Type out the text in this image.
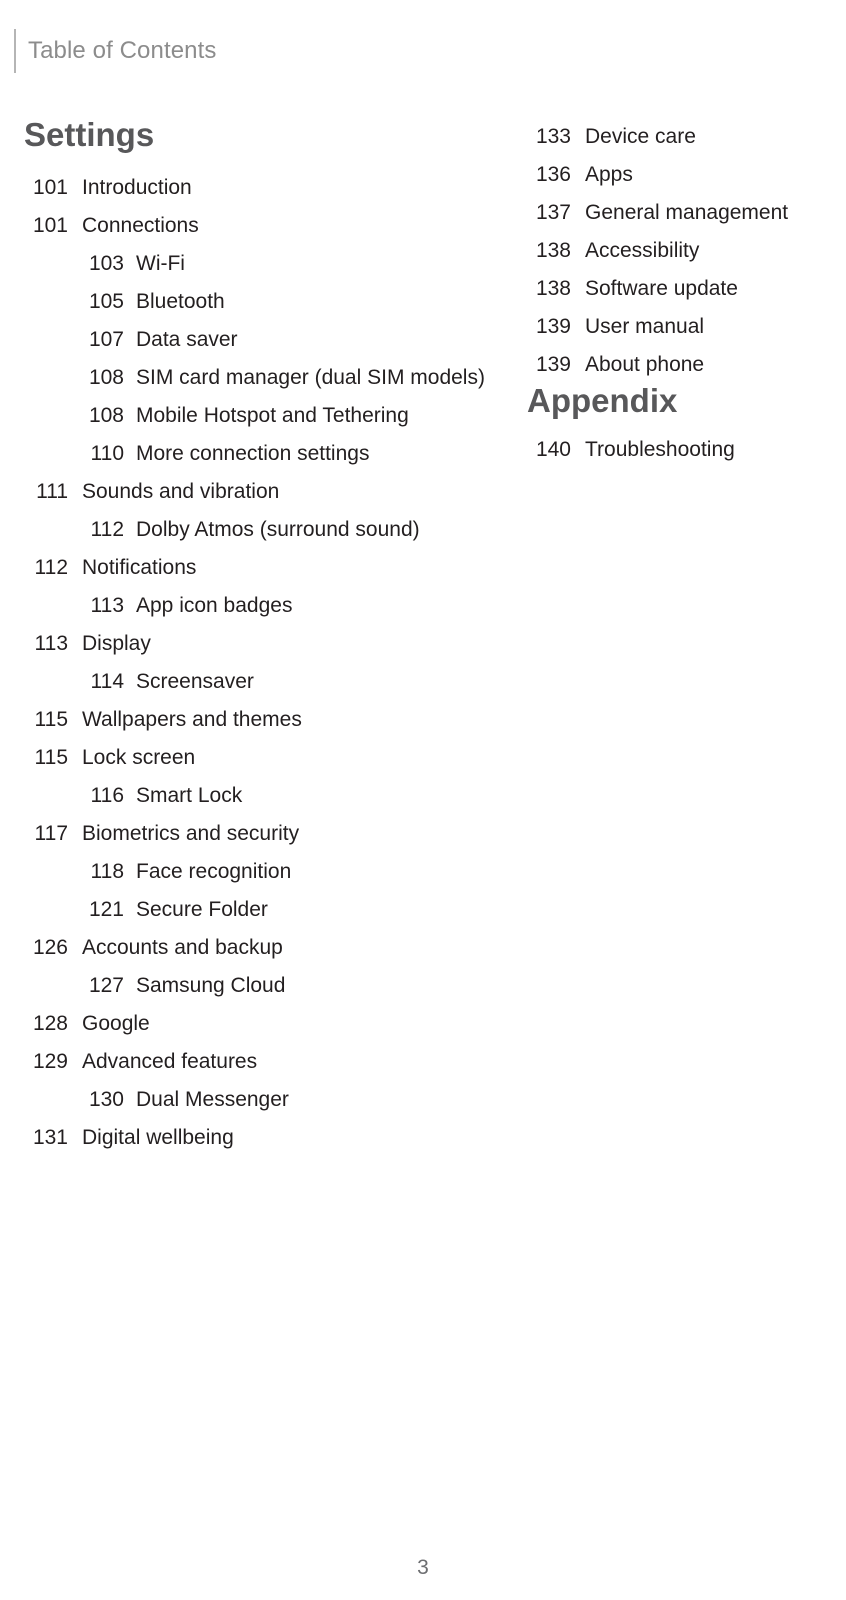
Table of Contents
Settings
101 Introduction
101 Connections
103 Wi-Fi
105 Bluetooth
107 Data saver
108 SIM card manager (dual SIM models)
108 Mobile Hotspot and Tethering
110 More connection settings
111 Sounds and vibration
112 Dolby Atmos (surround sound)
112 Notifications
113 App icon badges
113 Display
114 Screensaver
115 Wallpapers and themes
115 Lock screen
116 Smart Lock
117 Biometrics and security
118 Face recognition
121 Secure Folder
126 Accounts and backup
127 Samsung Cloud
128 Google
129 Advanced features
130 Dual Messenger
131 Digital wellbeing
133 Device care
136 Apps
137 General management
138 Accessibility
138 Software update
139 User manual
139 About phone
Appendix
140 Troubleshooting
3
